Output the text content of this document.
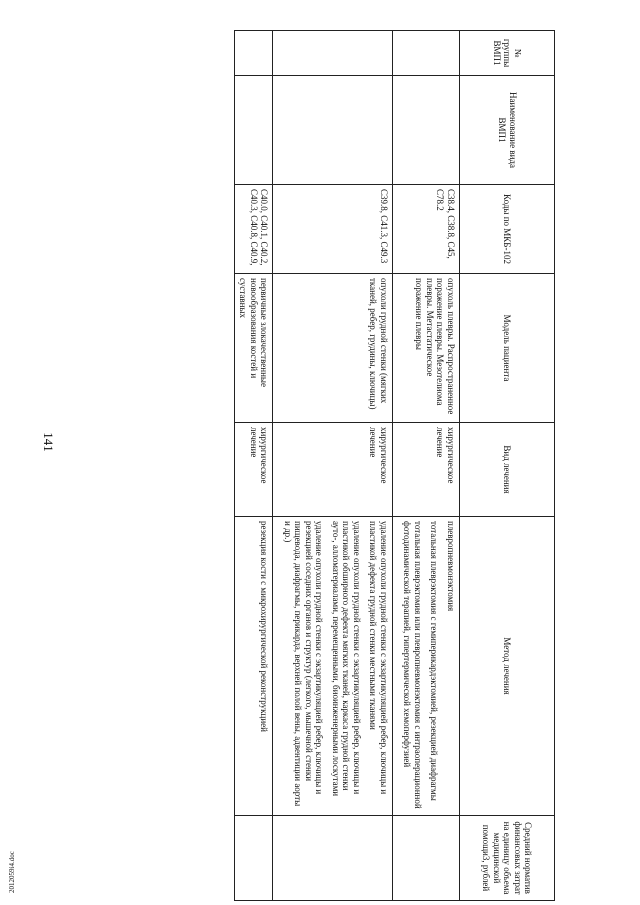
141
2012059i4.doc
№ группы ВМП1	Наименование вида ВМП1	Коды по МКБ-102	Модель пациента	Вид лечения	Метод лечения	Средний норматив финансовых затрат на единицу объема медицинской помощи3, рублей
		С38.4, С38.8, С45, С78.2	опухоль плевры. Распространенное поражение плевры. Мезотелиома плевры. Метастатическое поражение плевры	хирургическое лечение	плевропневмонэктомия

тотальная плеврэктомия с гемиперикардэктомией, резекцией диафрагмы

тотальная плеврэктомия или плевропневмонэктомия с интраоперационной фотодинамической терапией, гипертермической хемоперфузией	

		С39.8, С41.3, С49.3	опухоли грудной стенки (мягких тканей, ребер, грудины, ключицы)	хирургическое лечение	удаление опухоли грудной стенки с экзартикуляцией ребер, ключицы и пластикой дефекта грудной стенки местными тканями

удаление опухоли грудной стенки с экзартикуляцией ребер, ключицы и пластикой обширного дефекта мягких тканей, каркаса грудной стенки ауто-, алломатериалами, перемещенными, биоинженерными лоскутами

удаление опухоли грудной стенки с экзартикуляцией ребер, ключицы и резекцией соседних органов и структур (легкого, мышечной стенки пищевода, диафрагмы, перикарда, верхней полой вены, адвентиции аорты и др.)	

		С40.0, С40.1, С40.2, С40.3, С40.8, С40.9,	первичные злокачественные новообразования костей и суставных	хирургическое лечение	резекция кости с микрохирургической реконструкцией	
